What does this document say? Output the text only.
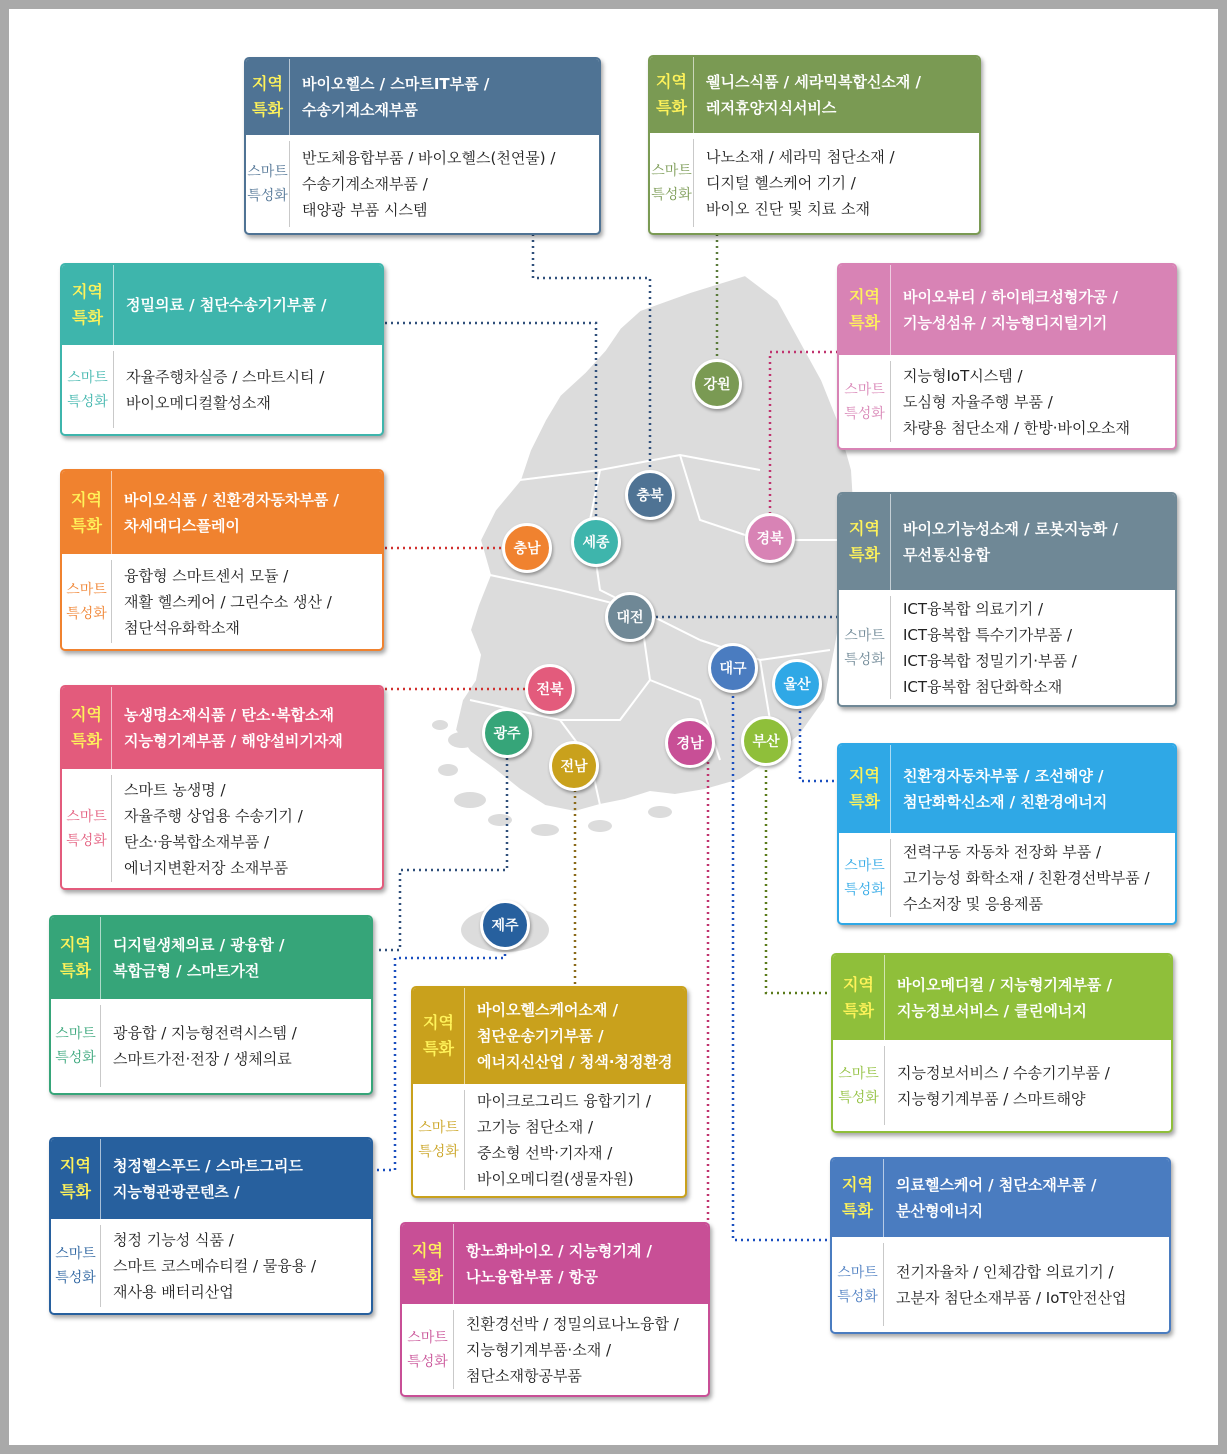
지역
특화
바이오헬스 / 스마트IT부품 /
수송기계소재부품
스마트
특성화
반도체융합부품 / 바이오헬스(천연물) /
수송기계소재부품 /
태양광 부품 시스템
지역
특화
웰니스식품 / 세라믹복합신소재 /
레저휴양지식서비스
스마트
특성화
나노소재 / 세라믹 첨단소재 /
디지털 헬스케어 기기 /
바이오 진단 및 치료 소재
지역
특화
정밀의료 / 첨단수송기기부품 /
스마트
특성화
자율주행차실증 / 스마트시티 /
바이오메디컬활성소재
지역
특화
바이오뷰티 / 하이테크성형가공 /
기능성섬유 / 지능형디지털기기
스마트
특성화
지능형IoT시스템 /
도심형 자율주행 부품 /
차량용 첨단소재 / 한방·바이오소재
지역
특화
바이오식품 / 친환경자동차부품 /
차세대디스플레이
스마트
특성화
융합형 스마트센서 모듈 /
재활 헬스케어 / 그린수소 생산 /
첨단석유화학소재
지역
특화
바이오기능성소재 / 로봇지능화 /
무선통신융합
스마트
특성화
ICT융복합 의료기기 /
ICT융복합 특수기가부품 /
ICT융복합 정밀기기·부품 /
ICT융복합 첨단화학소재
지역
특화
농생명소재식품 / 탄소·복합소재
지능형기계부품 / 해양설비기자재
스마트
특성화
스마트 농생명 /
자율주행 상업용 수송기기 /
탄소·융복합소재부품 /
에너지변환저장 소재부품
지역
특화
친환경자동차부품 / 조선해양 /
첨단화학신소재 / 친환경에너지
스마트
특성화
전력구동 자동차 전장화 부품 /
고기능성 화학소재 / 친환경선박부품 /
수소저장 및 응용제품
지역
특화
디지털생체의료 / 광융합 /
복합금형 / 스마트가전
스마트
특성화
광융합 / 지능형전력시스템 /
스마트가전·전장 / 생체의료
지역
특화
바이오헬스케어소재 /
첨단운송기기부품 /
에너지신산업 / 청색·청정환경
스마트
특성화
마이크로그리드 융합기기 /
고기능 첨단소재 /
중소형 선박·기자재 /
바이오메디컬(생물자원)
지역
특화
바이오메디컬 / 지능형기계부품 /
지능정보서비스 / 클린에너지
스마트
특성화
지능정보서비스 / 수송기기부품 /
지능형기계부품 / 스마트해양
지역
특화
청정헬스푸드 / 스마트그리드
지능형관광콘텐츠 /
스마트
특성화
청정 기능성 식품 /
스마트 코스메슈티컬 / 물융용 /
재사용 배터리산업
지역
특화
항노화바이오 / 지능형기계 /
나노융합부품 / 항공
스마트
특성화
친환경선박 / 정밀의료나노융합 /
지능형기계부품·소재 /
첨단소재항공부품
지역
특화
의료헬스케어 / 첨단소재부품 /
분산형에너지
스마트
특성화
전기자율차 / 인체감합 의료기기 /
고분자 첨단소재부품 / IoT안전산업
강원
충북
경북
충남	세종
대전
대구
울산
전북
광주
전남
경남	부산
제주
